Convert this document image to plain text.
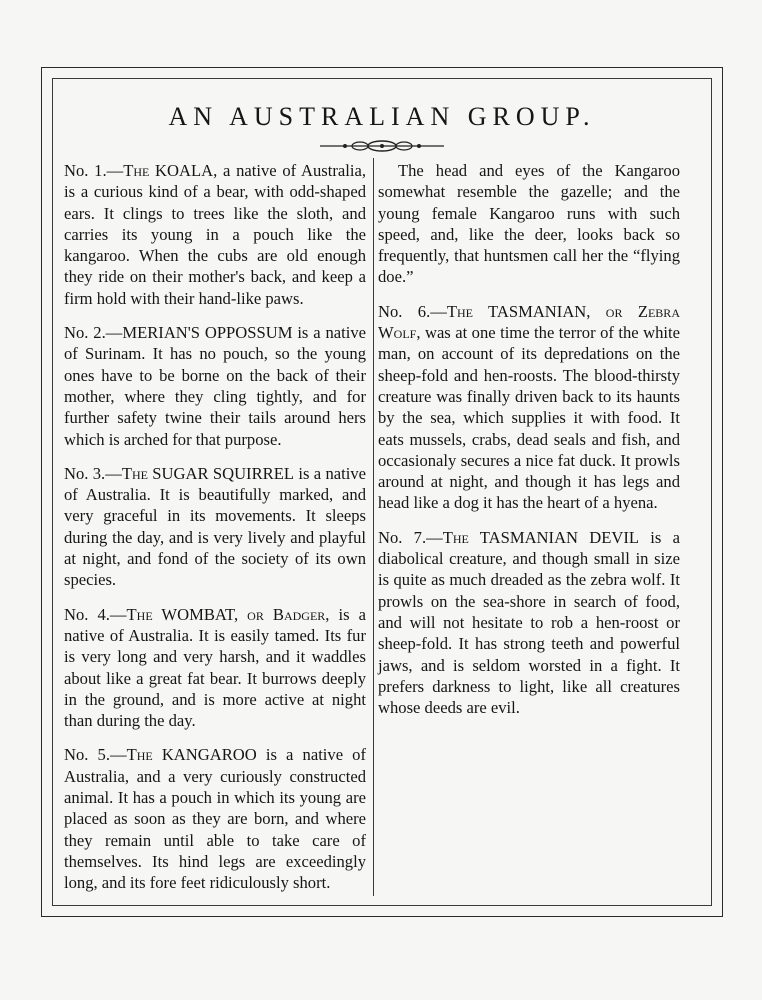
AN AUSTRALIAN GROUP.

No. 1.—The KOALA, a native of Australia, is a curious kind of a bear, with odd-shaped ears. It clings to trees like the sloth, and carries its young in a pouch like the kangaroo. When the cubs are old enough they ride on their mother's back, and keep a firm hold with their hand-like paws.

No. 2.—MERIAN'S OPPOSSUM is a native of Surinam. It has no pouch, so the young ones have to be borne on the back of their mother, where they cling tightly, and for further safety twine their tails around hers which is arched for that purpose.

No. 3.—The SUGAR SQUIRREL is a native of Australia. It is beautifully marked, and very graceful in its movements. It sleeps during the day, and is very lively and playful at night, and fond of the society of its own species.

No. 4.—The WOMBAT, or Badger, is a native of Australia. It is easily tamed. Its fur is very long and very harsh, and it waddles about like a great fat bear. It burrows deeply in the ground, and is more active at night than during the day.

No. 5.—The KANGAROO is a native of Australia, and a very curiously constructed animal. It has a pouch in which its young are placed as soon as they are born, and where they remain until able to take care of themselves. Its hind legs are exceedingly long, and its fore feet ridiculously short.

The head and eyes of the Kangaroo somewhat resemble the gazelle; and the young female Kangaroo runs with such speed, and, like the deer, looks back so frequently, that huntsmen call her the “flying doe.”

No. 6.—The TASMANIAN, or Zebra Wolf, was at one time the terror of the white man, on account of its depredations on the sheep-fold and hen-roosts. The blood-thirsty creature was finally driven back to its haunts by the sea, which supplies it with food. It eats mussels, crabs, dead seals and fish, and occasionaly secures a nice fat duck. It prowls around at night, and though it has legs and head like a dog it has the heart of a hyena.

No. 7.—The TASMANIAN DEVIL is a diabolical creature, and though small in size is quite as much dreaded as the zebra wolf. It prowls on the sea-shore in search of food, and will not hesitate to rob a hen-roost or sheep-fold. It has strong teeth and powerful jaws, and is seldom worsted in a fight. It prefers darkness to light, like all creatures whose deeds are evil.
